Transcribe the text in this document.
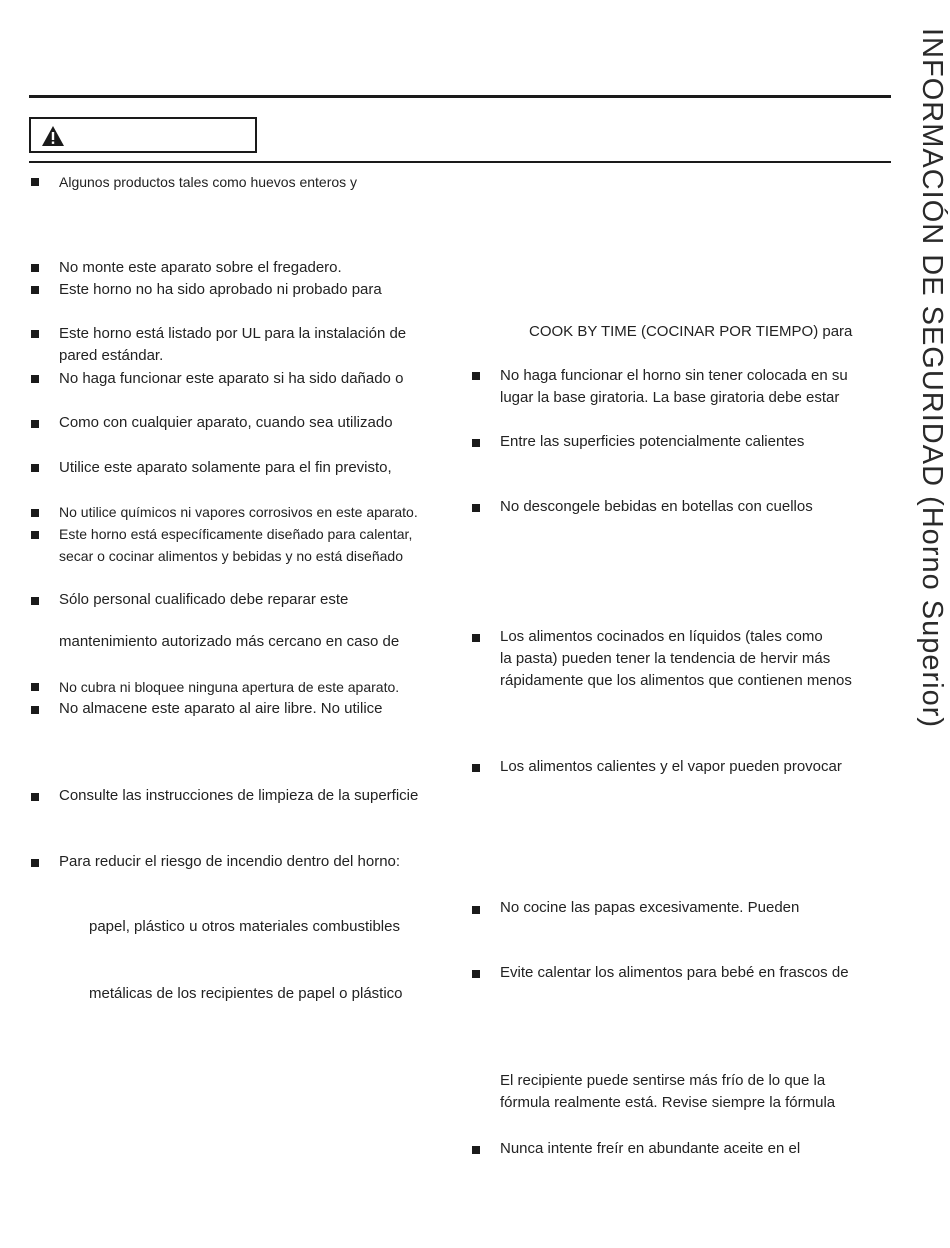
INFORMACIÓN DE SEGURIDAD (Horno Superior)
Algunos productos tales como huevos enteros y
No monte este aparato sobre el fregadero.
Este horno no ha sido aprobado ni probado para
Este horno está listado por UL para la instalación de
pared estándar.
No haga funcionar este aparato si ha sido dañado o
Como con cualquier aparato, cuando sea utilizado
Utilice este aparato solamente para el fin previsto,
No utilice químicos ni vapores corrosivos en este aparato.
Este horno está específicamente diseñado para calentar,
secar o cocinar alimentos y bebidas y no está diseñado
Sólo personal cualificado debe reparar este
mantenimiento autorizado más cercano en caso de
No cubra ni bloquee ninguna apertura de este aparato.
No almacene este aparato al aire libre. No utilice
Consulte las instrucciones de limpieza de la superficie
Para reducir el riesgo de incendio dentro del horno:
papel, plástico u otros materiales combustibles
metálicas de los recipientes de papel o plástico
COOK BY TIME (COCINAR POR TIEMPO) para
No haga funcionar el horno sin tener colocada en su
lugar la base giratoria. La base giratoria debe estar
Entre las superficies potencialmente calientes
No descongele bebidas en botellas con cuellos
Los alimentos cocinados en líquidos (tales como
la pasta) pueden tener la tendencia de hervir más
rápidamente que los alimentos que contienen menos
Los alimentos calientes y el vapor pueden provocar
No cocine las papas excesivamente. Pueden
Evite calentar los alimentos para bebé en frascos de
El recipiente puede sentirse más frío de lo que la
fórmula realmente está. Revise siempre la fórmula
Nunca intente freír en abundante aceite en el
